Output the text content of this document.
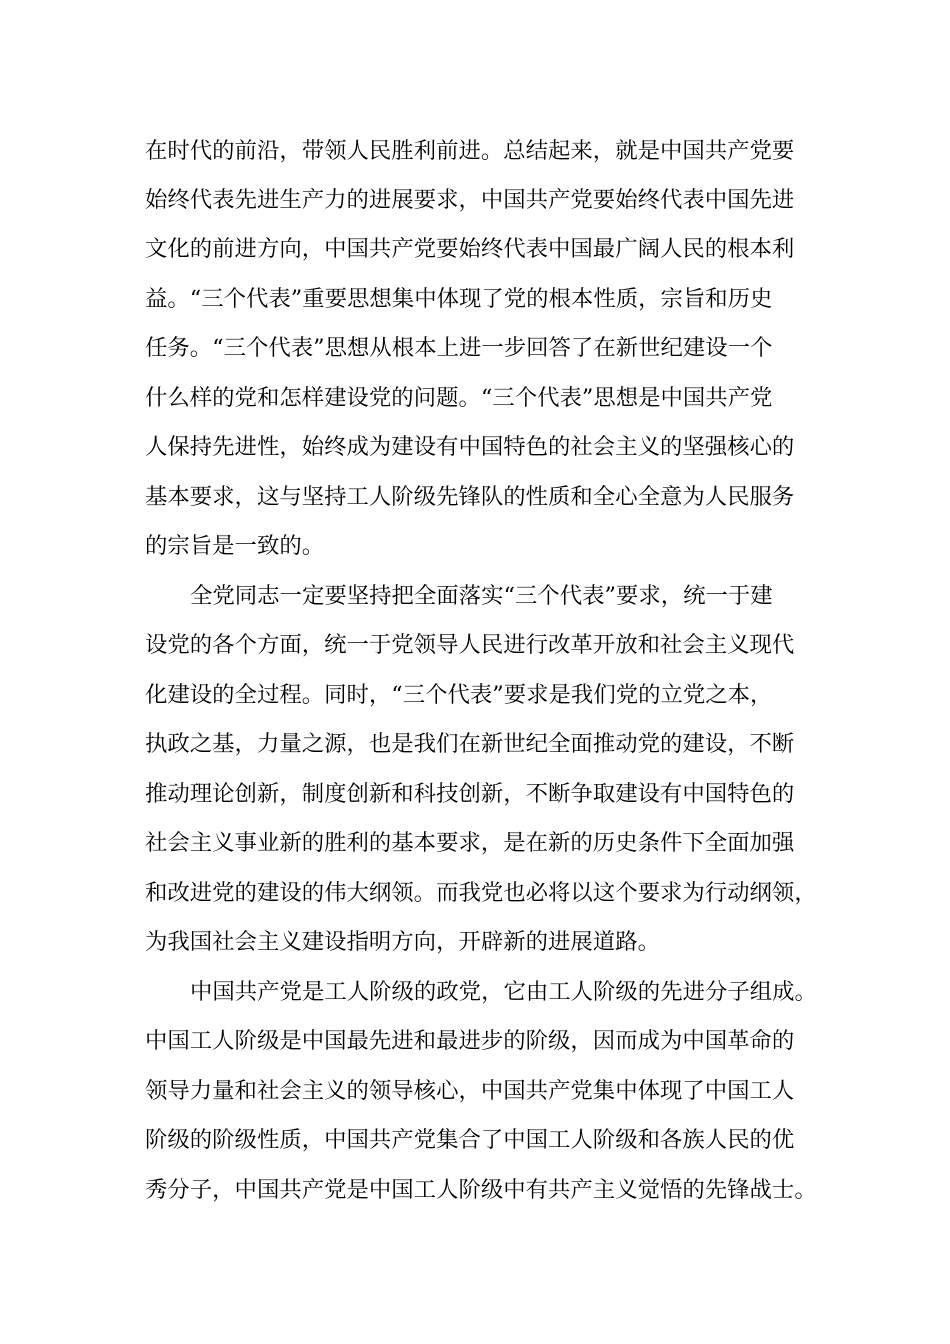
在时代的前沿，带领人民胜利前进。总结起来，就是中国共产党要
始终代表先进生产力的进展要求，中国共产党要始终代表中国先进
文化的前进方向，中国共产党要始终代表中国最广阔人民的根本利
益。“三个代表”重要思想集中体现了党的根本性质，宗旨和历史
任务。“三个代表”思想从根本上进一步回答了在新世纪建设一个
什么样的党和怎样建设党的问题。“三个代表”思想是中国共产党
人保持先进性，始终成为建设有中国特色的社会主义的坚强核心的
基本要求，这与坚持工人阶级先锋队的性质和全心全意为人民服务
的宗旨是一致的。
全党同志一定要坚持把全面落实“三个代表”要求，统一于建
设党的各个方面，统一于党领导人民进行改革开放和社会主义现代
化建设的全过程。同时，“三个代表”要求是我们党的立党之本，
执政之基，力量之源，也是我们在新世纪全面推动党的建设，不断
推动理论创新，制度创新和科技创新，不断争取建设有中国特色的
社会主义事业新的胜利的基本要求，是在新的历史条件下全面加强
和改进党的建设的伟大纲领。而我党也必将以这个要求为行动纲领，
为我国社会主义建设指明方向，开辟新的进展道路。
中国共产党是工人阶级的政党，它由工人阶级的先进分子组成。
中国工人阶级是中国最先进和最进步的阶级，因而成为中国革命的
领导力量和社会主义的领导核心，中国共产党集中体现了中国工人
阶级的阶级性质，中国共产党集合了中国工人阶级和各族人民的优
秀分子，中国共产党是中国工人阶级中有共产主义觉悟的先锋战士。
